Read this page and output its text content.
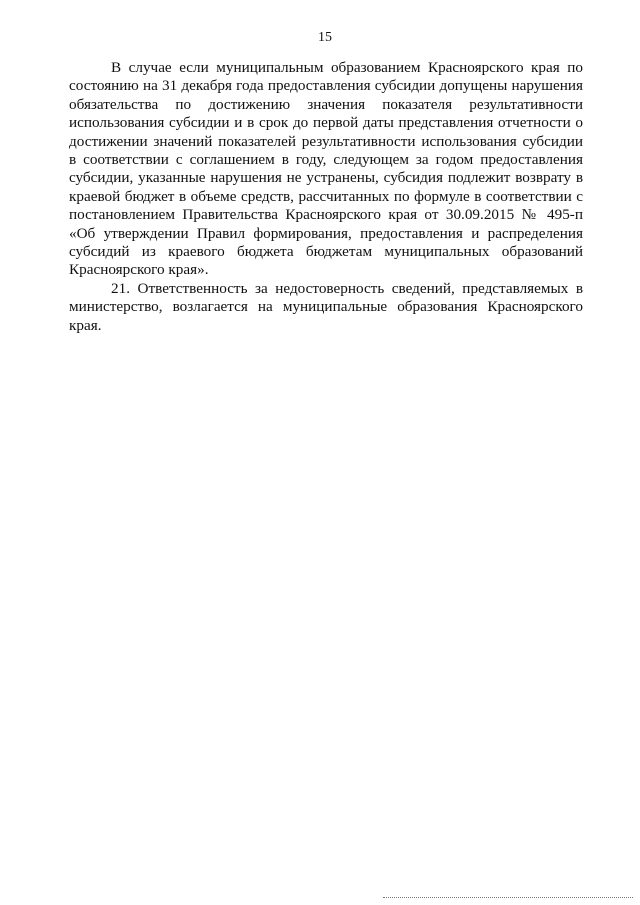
15

В случае если муниципальным образованием Красноярского края по состоянию на 31 декабря года предоставления субсидии допущены нарушения обязательства по достижению значения показателя результативности использования субсидии и в срок до первой даты представления отчетности о достижении значений показателей результативности использования субсидии в соответствии с соглашением в году, следующем за годом предоставления субсидии, указанные нарушения не устранены, субсидия подлежит возврату в краевой бюджет в объеме средств, рассчитанных по формуле в соответствии с постановлением Правительства Красноярского края от 30.09.2015 № 495-п «Об утверждении Правил формирования, предоставления и распределения субсидий из краевого бюджета бюджетам муниципальных образований Красноярского края».

21. Ответственность за недостоверность сведений, представляемых в министерство, возлагается на муниципальные образования Красноярского края.
